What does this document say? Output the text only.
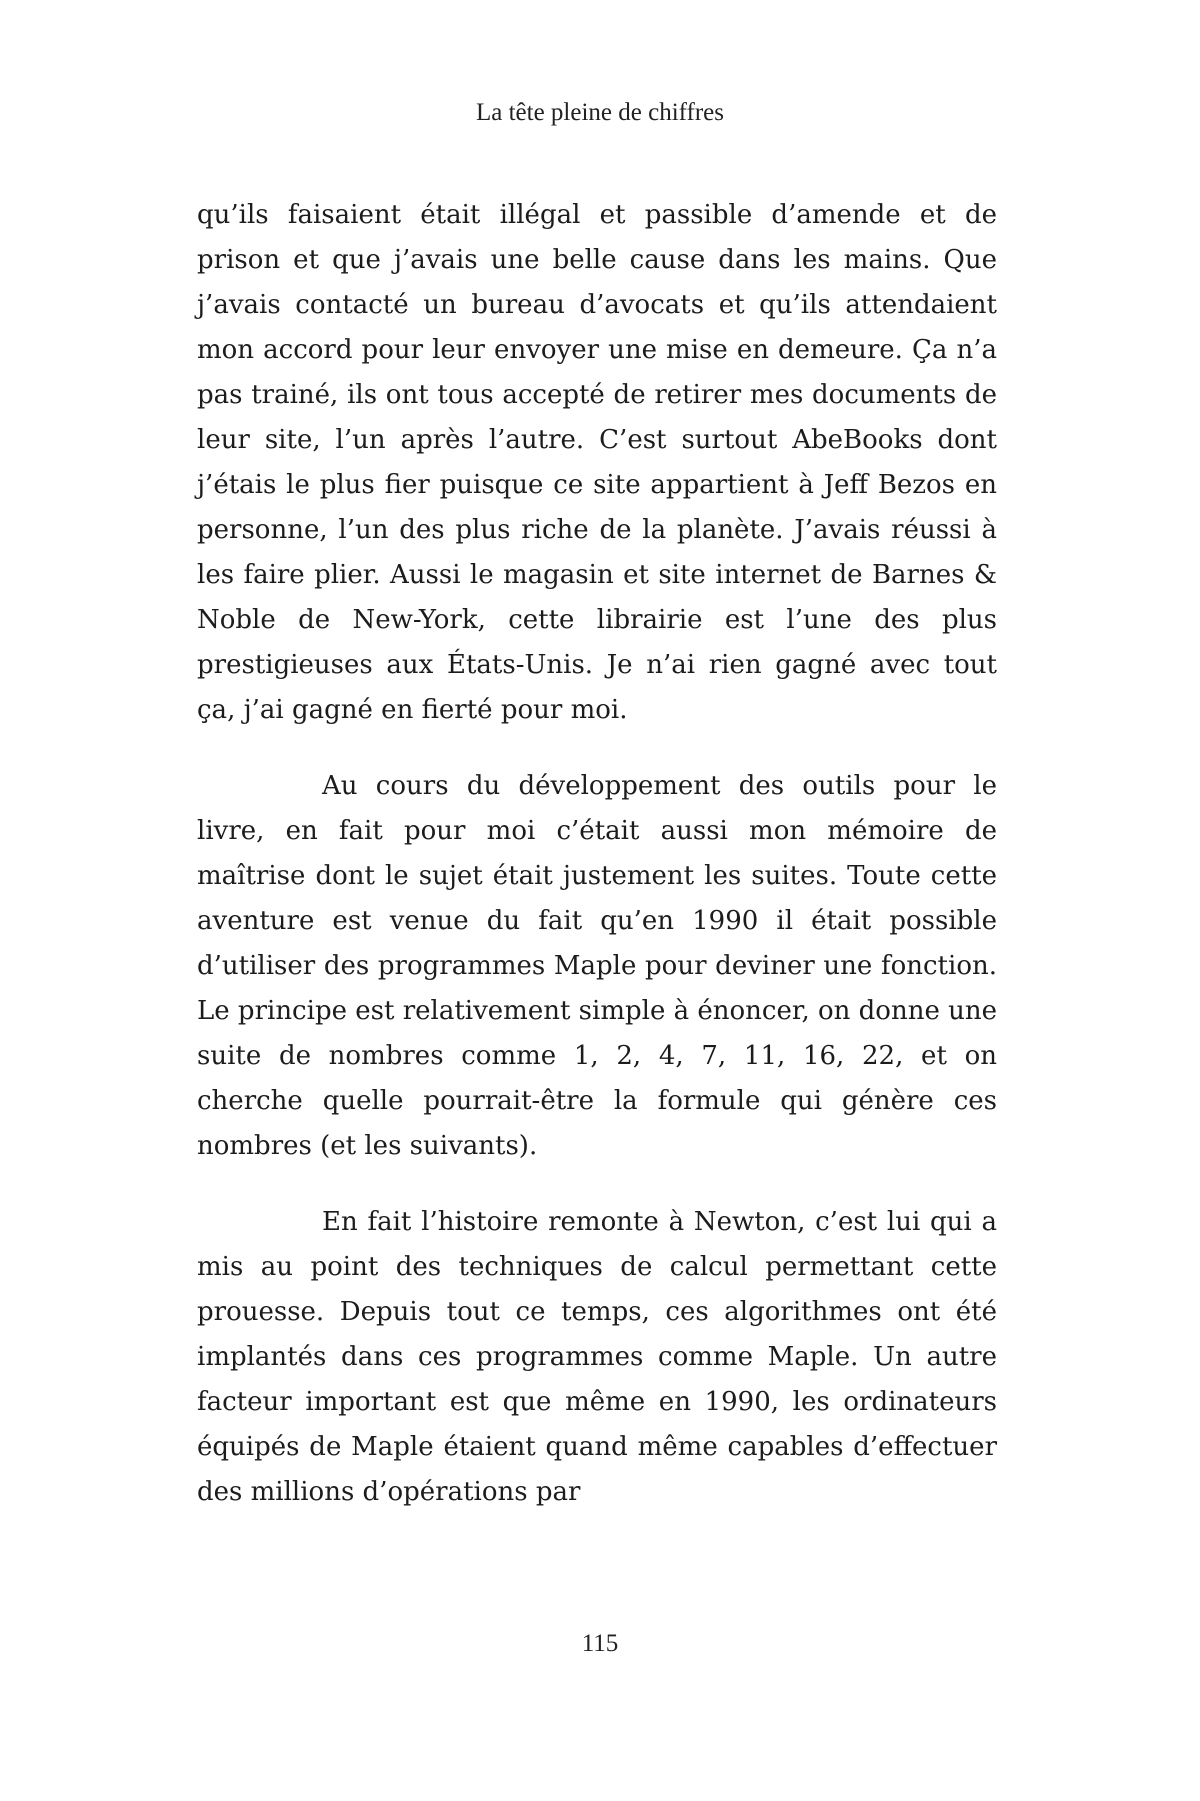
La tête pleine de chiffres

qu’ils faisaient était illégal et passible d’amende et de prison et que j’avais une belle cause dans les mains. Que j’avais contacté un bureau d’avocats et qu’ils attendaient mon accord pour leur envoyer une mise en demeure. Ça n’a pas trainé, ils ont tous accepté de retirer mes documents de leur site, l’un après l’autre. C’est surtout AbeBooks dont j’étais le plus fier puisque ce site appartient à Jeff Bezos en personne, l’un des plus riche de la planète. J’avais réussi à les faire plier. Aussi le magasin et site internet de Barnes & Noble de New-York, cette librairie est l’une des plus prestigieuses aux États-Unis. Je n’ai rien gagné avec tout ça, j’ai gagné en fierté pour moi.

Au cours du développement des outils pour le livre, en fait pour moi c’était aussi mon mémoire de maîtrise dont le sujet était justement les suites. Toute cette aventure est venue du fait qu’en 1990 il était possible d’utiliser des programmes Maple pour deviner une fonction. Le principe est relativement simple à énoncer, on donne une suite de nombres comme 1, 2, 4, 7, 11, 16, 22, et on cherche quelle pourrait-être la formule qui génère ces nombres (et les suivants).

En fait l’histoire remonte à Newton, c’est lui qui a mis au point des techniques de calcul permettant cette prouesse. Depuis tout ce temps, ces algorithmes ont été implantés dans ces programmes comme Maple. Un autre facteur important est que même en 1990, les ordinateurs équipés de Maple étaient quand même capables d’effectuer des millions d’opérations par

115
